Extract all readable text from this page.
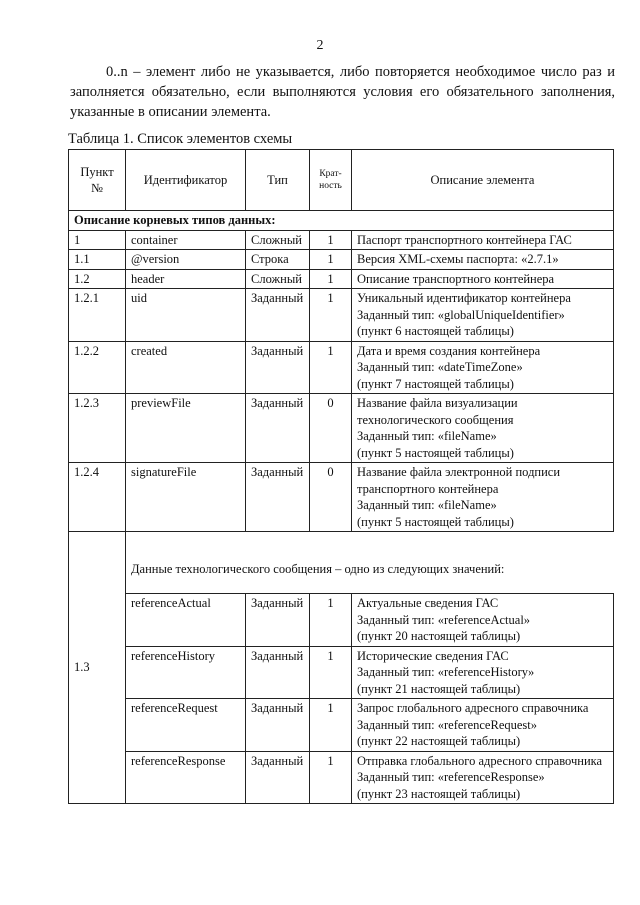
2

0..n – элемент либо не указывается, либо повторяется необходимое число раз и заполняется обязательно, если выполняются условия его обязательного заполнения, указанные в описании элемента.

Таблица 1. Список элементов схемы
Пункт №	Идентификатор	Тип	Крат-ность	Описание элемента
Описание корневых типов данных:				
1	container	Сложный	1	Паспорт транспортного контейнера ГАС

1.1	@version	Строка	1	Версия XML-схемы паспорта: «2.7.1»

1.2	header	Сложный	1	Описание транспортного контейнера

1.2.1	uid	Заданный	1	Уникальный идентификатор контейнера
Заданный тип: «globalUniqueIdentifier»
(пункт 6 настоящей таблицы)

1.2.2	created	Заданный	1	Дата и время создания контейнера
Заданный тип: «dateTimeZone»
(пункт 7 настоящей таблицы)

1.2.3	previewFile	Заданный	0	Название файла визуализации технологического сообщения
Заданный тип: «fileName»
(пункт 5 настоящей таблицы)

1.2.4	signatureFile	Заданный	0	Название файла электронной подписи транспортного контейнера
Заданный тип: «fileName»
(пункт 5 настоящей таблицы)

1.3	Данные технологического сообщения – одно из следующих значений:			
	referenceActual	Заданный	1	Актуальные сведения ГАС
Заданный тип: «referenceActual»
(пункт 20 настоящей таблицы)

	referenceHistory	Заданный	1	Исторические сведения ГАС
Заданный тип: «referenceHistory»
(пункт 21 настоящей таблицы)

	referenceRequest	Заданный	1	Запрос глобального адресного справочника
Заданный тип: «referenceRequest»
(пункт 22 настоящей таблицы)

	referenceResponse	Заданный	1	Отправка глобального адресного справочника
Заданный тип: «referenceResponse»
(пункт 23 настоящей таблицы)
